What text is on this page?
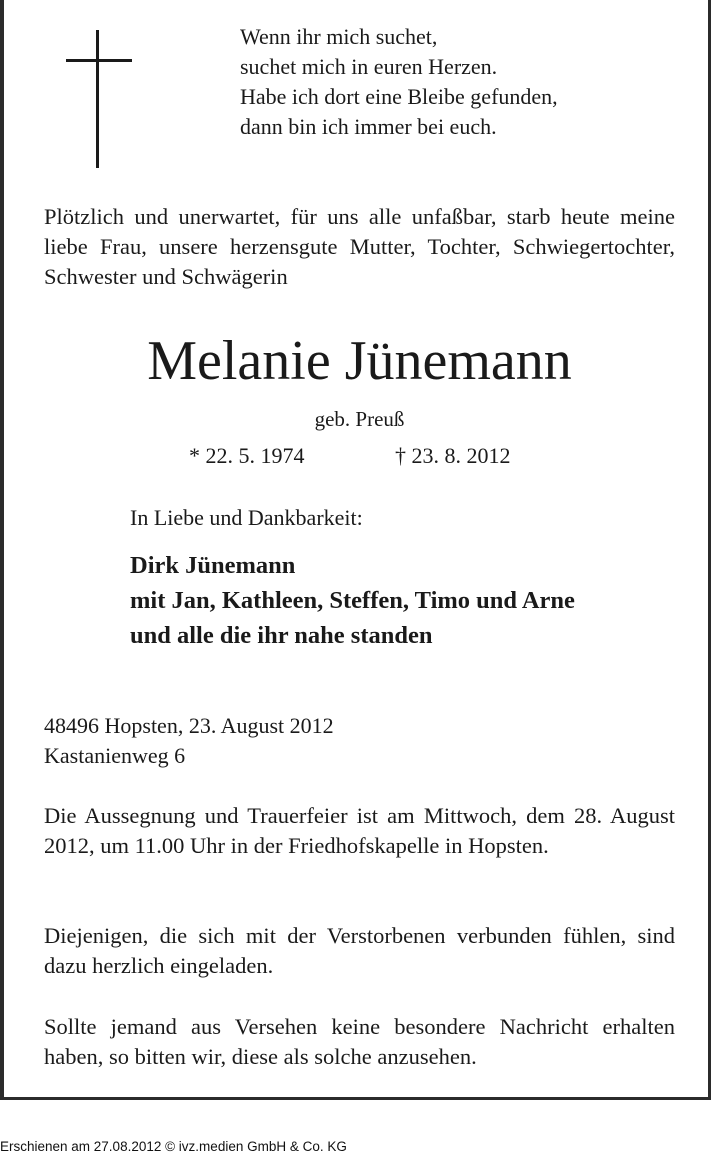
Wenn ihr mich suchet,
suchet mich in euren Herzen.
Habe ich dort eine Bleibe gefunden,
dann bin ich immer bei euch.
Plötzlich und unerwartet, für uns alle unfaßbar, starb heute meine liebe Frau, unsere herzensgute Mutter, Tochter, Schwiegertochter, Schwester und Schwägerin
Melanie Jünemann
geb. Preuß
* 22. 5. 1974	† 23. 8. 2012
In Liebe und Dankbarkeit:
Dirk Jünemann
mit Jan, Kathleen, Steffen, Timo und Arne
und alle die ihr nahe standen
48496 Hopsten, 23. August 2012
Kastanienweg 6
Die Aussegnung und Trauerfeier ist am Mittwoch, dem 28. August 2012, um 11.00 Uhr in der Friedhofskapelle in Hopsten.
Diejenigen, die sich mit der Verstorbenen verbunden fühlen, sind dazu herzlich eingeladen.
Sollte jemand aus Versehen keine besondere Nachricht erhalten haben, so bitten wir, diese als solche anzusehen.
Erschienen am 27.08.2012 © ivz.medien GmbH & Co. KG
